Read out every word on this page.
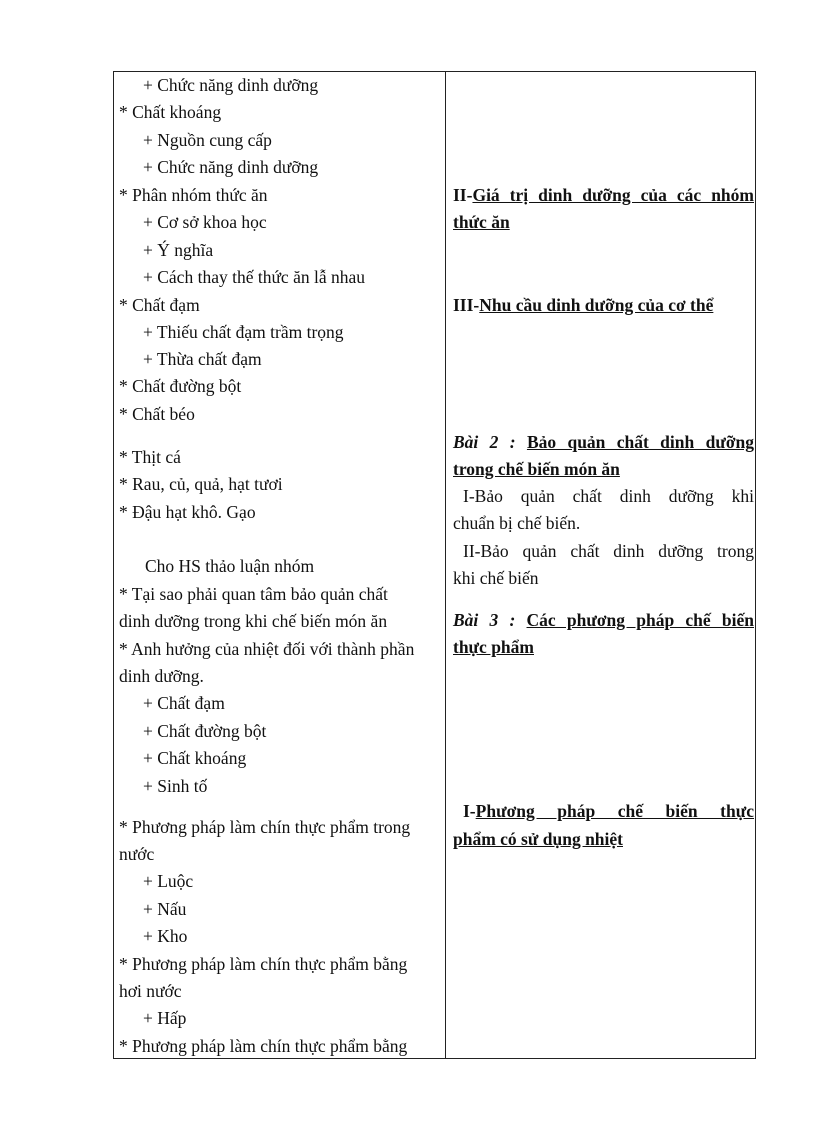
+ Chức năng dinh dưỡng
* Chất khoáng
+ Nguồn cung cấp
+ Chức năng dinh dưỡng
* Phân nhóm thức ăn
+ Cơ sở khoa học
+ Ý nghĩa
+ Cách thay thế thức ăn lẫ nhau
* Chất đạm
+ Thiếu chất đạm trầm trọng
+ Thừa chất đạm
* Chất đường bột
* Chất béo
* Thịt cá
* Rau, củ, quả, hạt tươi
* Đậu hạt khô. Gạo
Cho HS thảo luận nhóm
* Tại sao phải quan tâm bảo quản chất
dinh dưỡng trong khi chế biến món ăn
* Anh hưởng của nhiệt đối với thành phần
dinh dưỡng.
+ Chất đạm
+ Chất đường bột
+ Chất khoáng
+ Sinh tố
* Phương pháp làm chín thực phẩm trong
nước
+ Luộc
+ Nấu
+ Kho
* Phương pháp làm chín thực phẩm bằng
hơi nước
+ Hấp
* Phương pháp làm chín thực phẩm bằng
II-Giá trị dinh dưỡng của các nhóm
thức ăn
III-Nhu cầu dinh dưỡng của cơ thể
Bài 2 : Bảo quản chất dinh dưỡng
trong chế biến món ăn
I-Bảo quản chất dinh dưỡng khi
chuẩn bị chế biến.
II-Bảo quản chất dinh dưỡng trong
khi chế biến
Bài 3 : Các phương pháp chế biến
thực phẩm
I-Phương pháp chế biến thực
phẩm có sử dụng nhiệt
